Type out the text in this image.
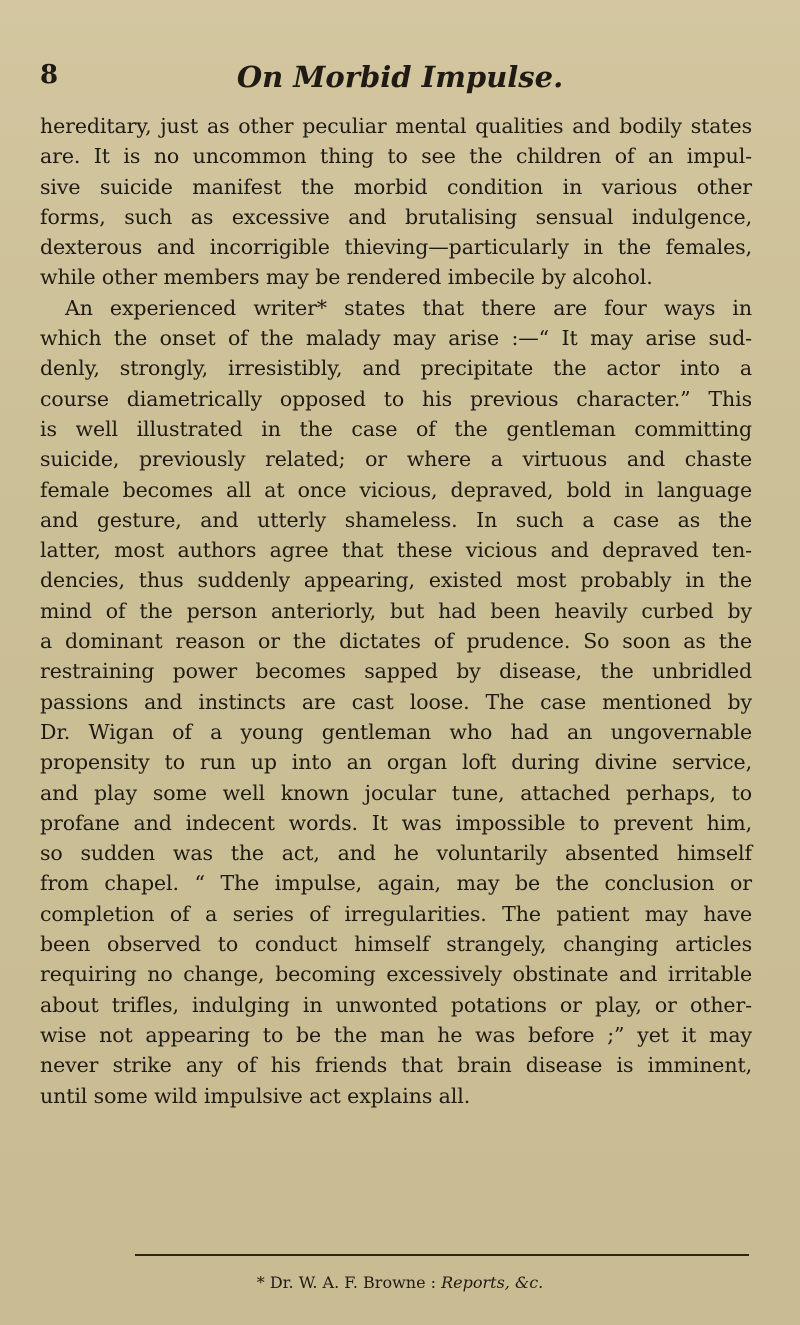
8	On Morbid Impulse.
hereditary, just as other peculiar mental qualities and bodily states
are. It is no uncommon thing to see the children of an impul-
sive suicide manifest the morbid condition in various other
forms, such as excessive and brutalising sensual indulgence,
dexterous and incorrigible thieving—particularly in the females,
while other members may be rendered imbecile by alcohol.
An experienced writer* states that there are four ways in
which the onset of the malady may arise :—“ It may arise sud-
denly, strongly, irresistibly, and precipitate the actor into a
course diametrically opposed to his previous character.” This
is well illustrated in the case of the gentleman committing
suicide, previously related; or where a virtuous and chaste
female becomes all at once vicious, depraved, bold in language
and gesture, and utterly shameless. In such a case as the
latter, most authors agree that these vicious and depraved ten-
dencies, thus suddenly appearing, existed most probably in the
mind of the person anteriorly, but had been heavily curbed by
a dominant reason or the dictates of prudence. So soon as the
restraining power becomes sapped by disease, the unbridled
passions and instincts are cast loose. The case mentioned by
Dr. Wigan of a young gentleman who had an ungovernable
propensity to run up into an organ loft during divine service,
and play some well known jocular tune, attached perhaps, to
profane and indecent words. It was impossible to prevent him,
so sudden was the act, and he voluntarily absented himself
from chapel. “ The impulse, again, may be the conclusion or
completion of a series of irregularities. The patient may have
been observed to conduct himself strangely, changing articles
requiring no change, becoming excessively obstinate and irritable
about trifles, indulging in unwonted potations or play, or other-
wise not appearing to be the man he was before ;” yet it may
never strike any of his friends that brain disease is imminent,
until some wild impulsive act explains all.
* Dr. W. A. F. Browne : Reports, &c.
